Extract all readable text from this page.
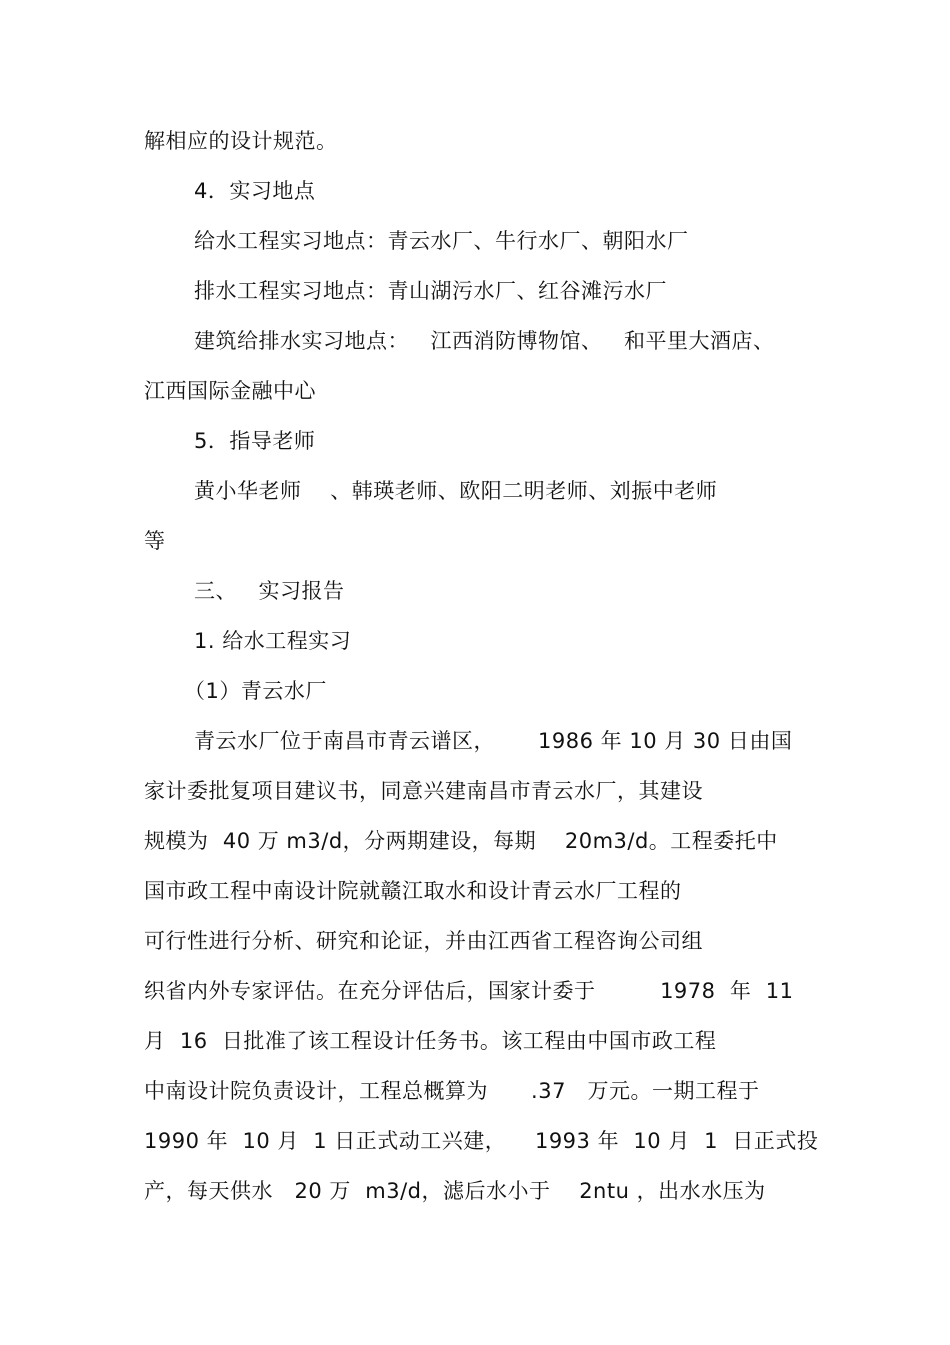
解相应的设计规范。
4．实习地点
给水工程实习地点：青云水厂、牛行水厂、朝阳水厂
排水工程实习地点：青山湖污水厂、红谷滩污水厂
建筑给排水实习地点：   江西消防博物馆、   和平里大酒店、
江西国际金融中心
5．指导老师
黄小华老师    、韩瑛老师、欧阳二明老师、刘振中老师
等
三、   实习报告
1. 给水工程实习
（1）青云水厂
青云水厂位于南昌市青云谱区，      1986 年 10 月 30 日由国
家计委批复项目建议书，同意兴建南昌市青云水厂，其建设
规模为  40 万 m3/d，分两期建设，每期    20m3/d。工程委托中
国市政工程中南设计院就赣江取水和设计青云水厂工程的
可行性进行分析、研究和论证，并由江西省工程咨询公司组
织省内外专家评估。在充分评估后，国家计委于         1978  年  11
月  16  日批准了该工程设计任务书。该工程由中国市政工程
中南设计院负责设计，工程总概算为      .37   万元。一期工程于
1990 年  10 月  1 日正式动工兴建，    1993 年  10 月  1  日正式投
产，每天供水   20 万  m3/d，滤后水小于    2ntu ，出水水压为
